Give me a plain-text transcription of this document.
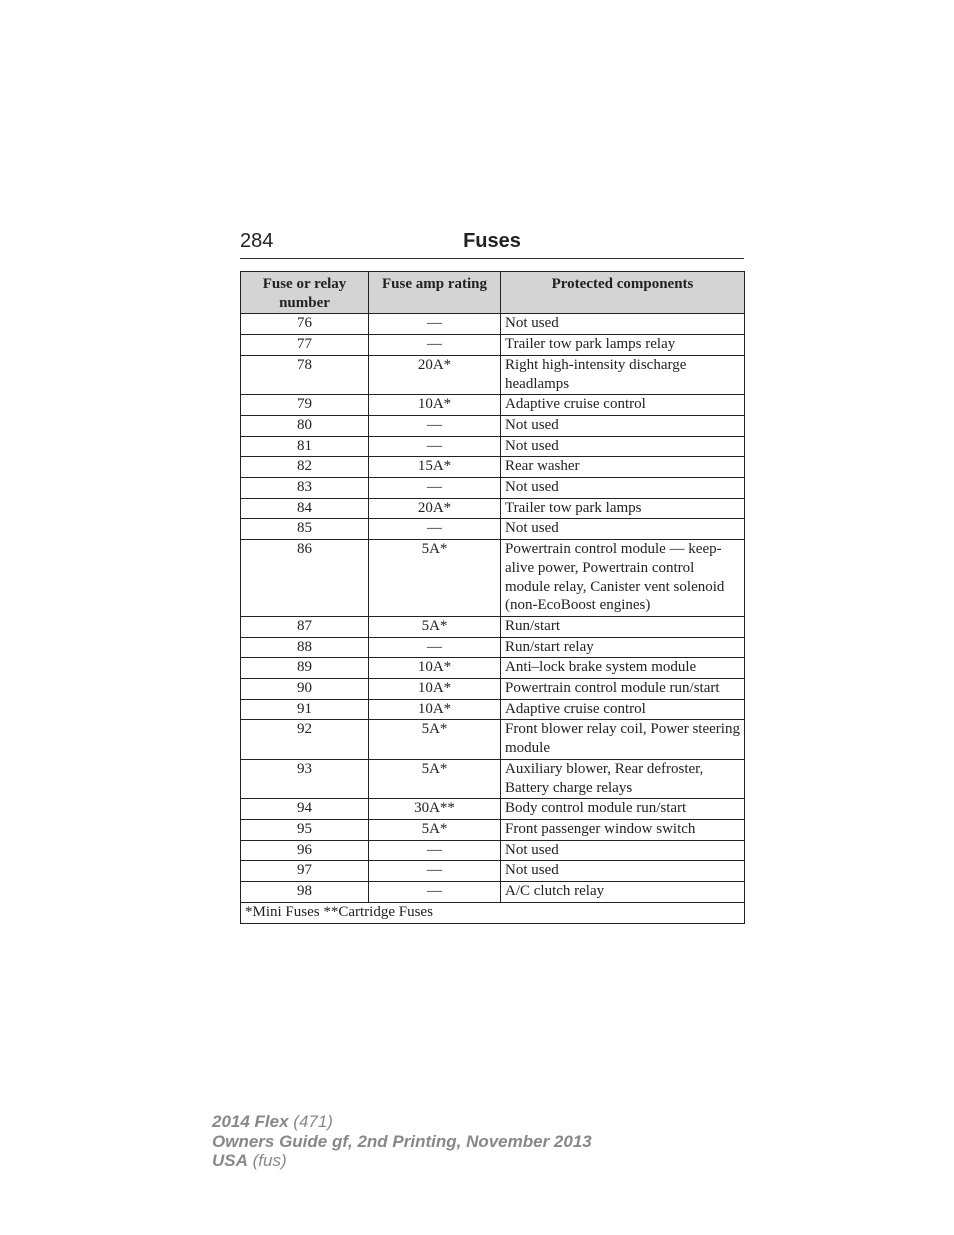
284	Fuses
Fuse or relay number	Fuse amp rating	Protected components
76	—	Not used
77	—	Trailer tow park lamps relay
78	20A*	Right high-intensity discharge headlamps
79	10A*	Adaptive cruise control
80	—	Not used
81	—	Not used
82	15A*	Rear washer
83	—	Not used
84	20A*	Trailer tow park lamps
85	—	Not used
86	5A*	Powertrain control module — keep-alive power, Powertrain control module relay, Canister vent solenoid (non-EcoBoost engines)
87	5A*	Run/start
88	—	Run/start relay
89	10A*	Anti–lock brake system module
90	10A*	Powertrain control module run/start
91	10A*	Adaptive cruise control
92	5A*	Front blower relay coil, Power steering module
93	5A*	Auxiliary blower, Rear defroster, Battery charge relays
94	30A**	Body control module run/start
95	5A*	Front passenger window switch
96	—	Not used
97	—	Not used
98	—	A/C clutch relay
*Mini Fuses **Cartridge Fuses		
2014 Flex (471)
Owners Guide gf, 2nd Printing, November 2013
USA (fus)
